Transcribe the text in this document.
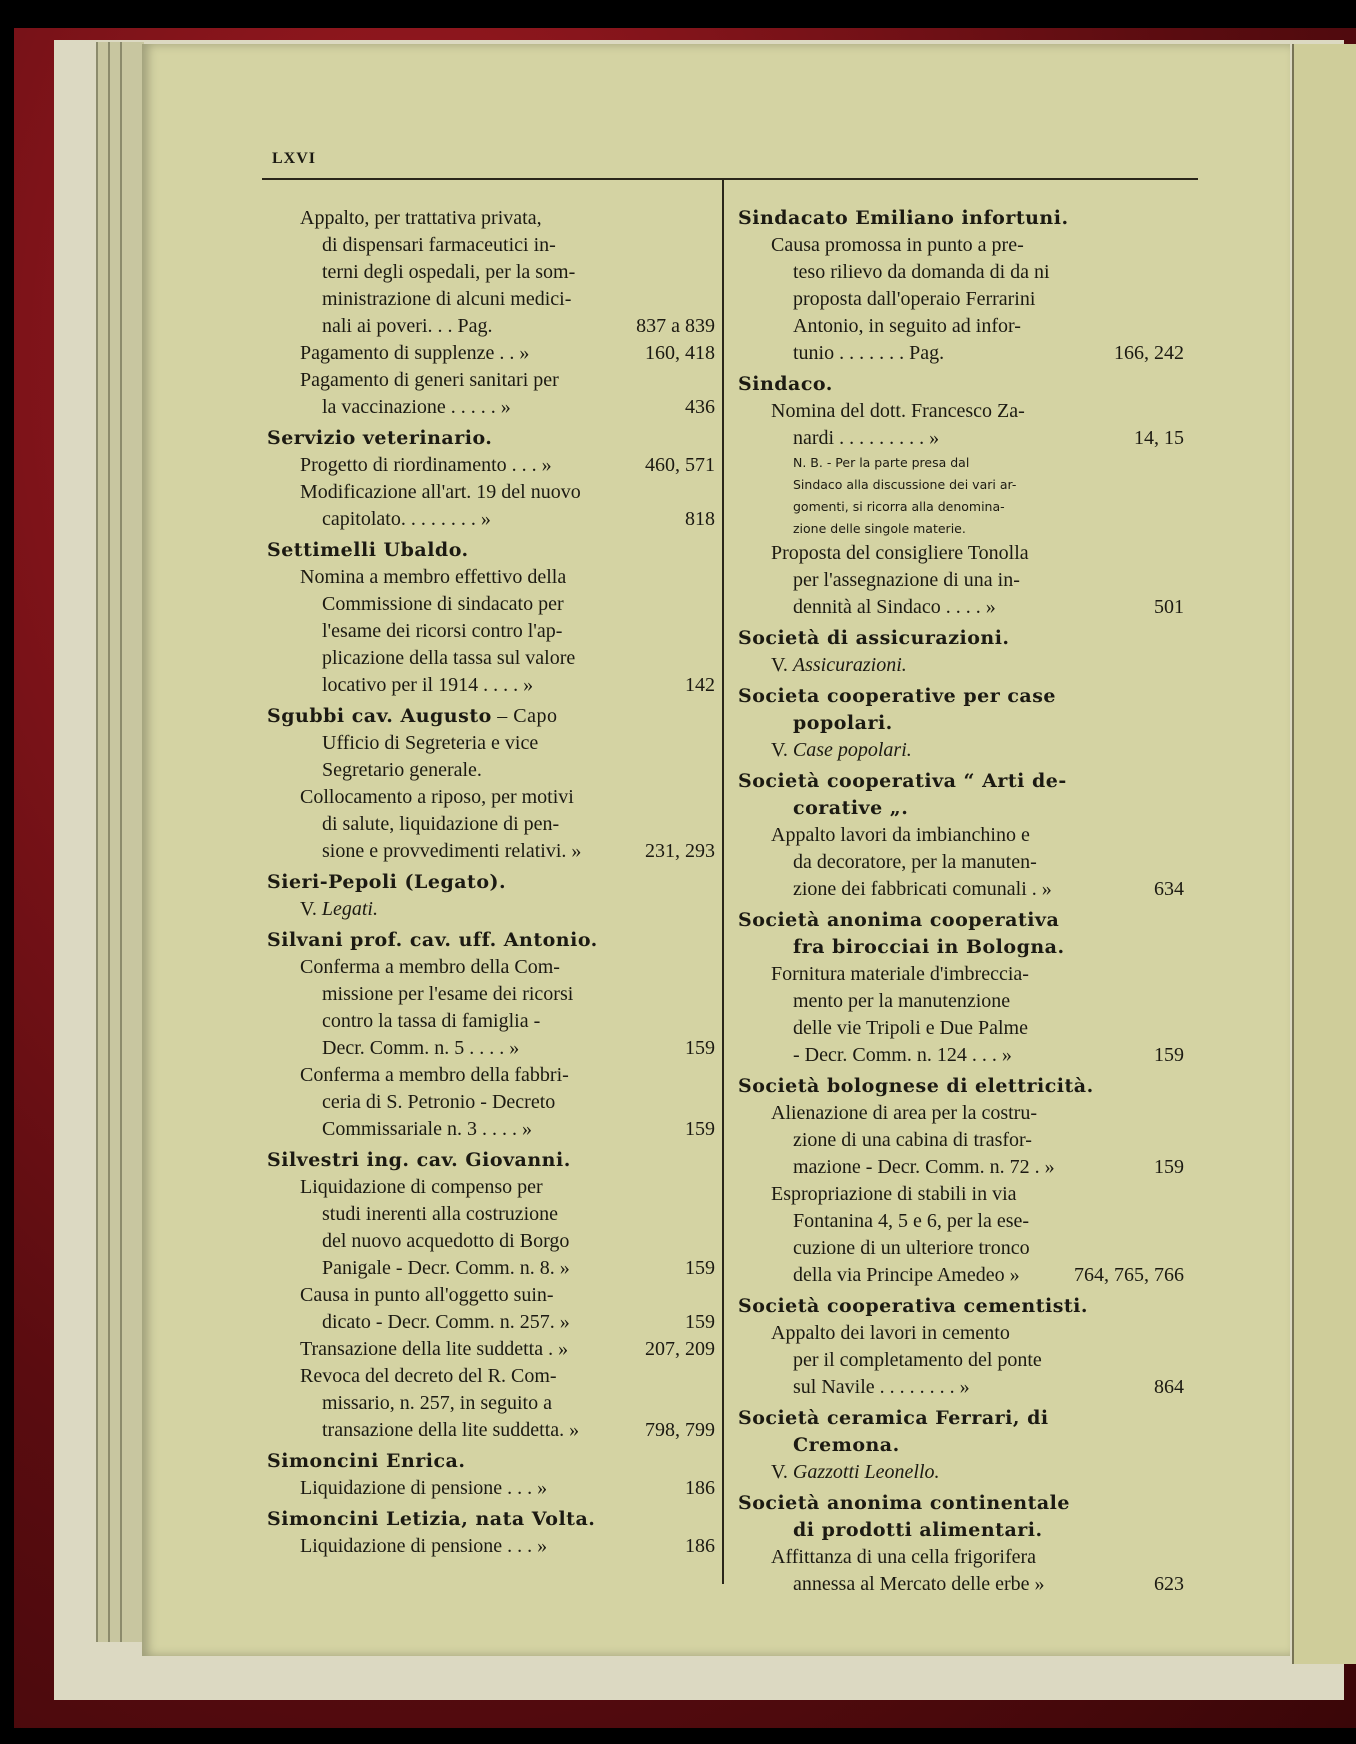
LXVI
Appalto, per trattativa privata,
di dispensari farmaceutici in-
terni degli ospedali, per la som-
ministrazione di alcuni medici-
nali ai poveri. . . Pag.	837 a 839
Pagamento di supplenze . . »	160, 418
Pagamento di generi sanitari per
la vaccinazione . . . . . »	436
Servizio veterinario.
Progetto di riordinamento . . . »	460, 571
Modificazione all'art. 19 del nuovo
capitolato. . . . . . . . »	818
Settimelli Ubaldo.
Nomina a membro effettivo della
Commissione di sindacato per
l'esame dei ricorsi contro l'ap-
plicazione della tassa sul valore
locativo per il 1914 . . . . »	142
Sgubbi cav. Augusto – Capo
Ufficio di Segreteria e vice
Segretario generale.
Collocamento a riposo, per motivi
di salute, liquidazione di pen-
sione e provvedimenti relativi. »	231, 293
Sieri-Pepoli (Legato).
V. Legati.
Silvani prof. cav. uff. Antonio.
Conferma a membro della Com-
missione per l'esame dei ricorsi
contro la tassa di famiglia -
Decr. Comm. n. 5 . . . . »	159
Conferma a membro della fabbri-
ceria di S. Petronio - Decreto
Commissariale n. 3 . . . . »	159
Silvestri ing. cav. Giovanni.
Liquidazione di compenso per
studi inerenti alla costruzione
del nuovo acquedotto di Borgo
Panigale - Decr. Comm. n. 8. »	159
Causa in punto all'oggetto suin-
dicato - Decr. Comm. n. 257. »	159
Transazione della lite suddetta . »	207, 209
Revoca del decreto del R. Com-
missario, n. 257, in seguito a
transazione della lite suddetta. »	798, 799
Simoncini Enrica.
Liquidazione di pensione . . . »	186
Simoncini Letizia, nata Volta.
Liquidazione di pensione . . . »	186
Sindacato Emiliano infortuni.
Causa promossa in punto a pre-
teso rilievo da domanda di da ni
proposta dall'operaio Ferrarini
Antonio, in seguito ad infor-
tunio . . . . . . . Pag.	166, 242
Sindaco.
Nomina del dott. Francesco Za-
nardi . . . . . . . . . »	14, 15
N. B. - Per la parte presa dal
Sindaco alla discussione dei vari ar-
gomenti, si ricorra alla denomina-
zione delle singole materie.
Proposta del consigliere Tonolla
per l'assegnazione di una in-
dennità al Sindaco . . . . »	501
Società di assicurazioni.
V. Assicurazioni.
Societa cooperative per case
popolari.
V. Case popolari.
Società cooperativa “ Arti de-
corative „.
Appalto lavori da imbianchino e
da decoratore, per la manuten-
zione dei fabbricati comunali . »	634
Società anonima cooperativa
fra birocciai in Bologna.
Fornitura materiale d'imbreccia-
mento per la manutenzione
delle vie Tripoli e Due Palme
- Decr. Comm. n. 124 . . . »	159
Società bolognese di elettricità.
Alienazione di area per la costru-
zione di una cabina di trasfor-
mazione - Decr. Comm. n. 72 . »	159
Espropriazione di stabili in via
Fontanina 4, 5 e 6, per la ese-
cuzione di un ulteriore tronco
della via Principe Amedeo »	764, 765, 766
Società cooperativa cementisti.
Appalto dei lavori in cemento
per il completamento del ponte
sul Navile . . . . . . . . »	864
Società ceramica Ferrari, di
Cremona.
V. Gazzotti Leonello.
Società anonima continentale
di prodotti alimentari.
Affittanza di una cella frigorifera
annessa al Mercato delle erbe »	623
